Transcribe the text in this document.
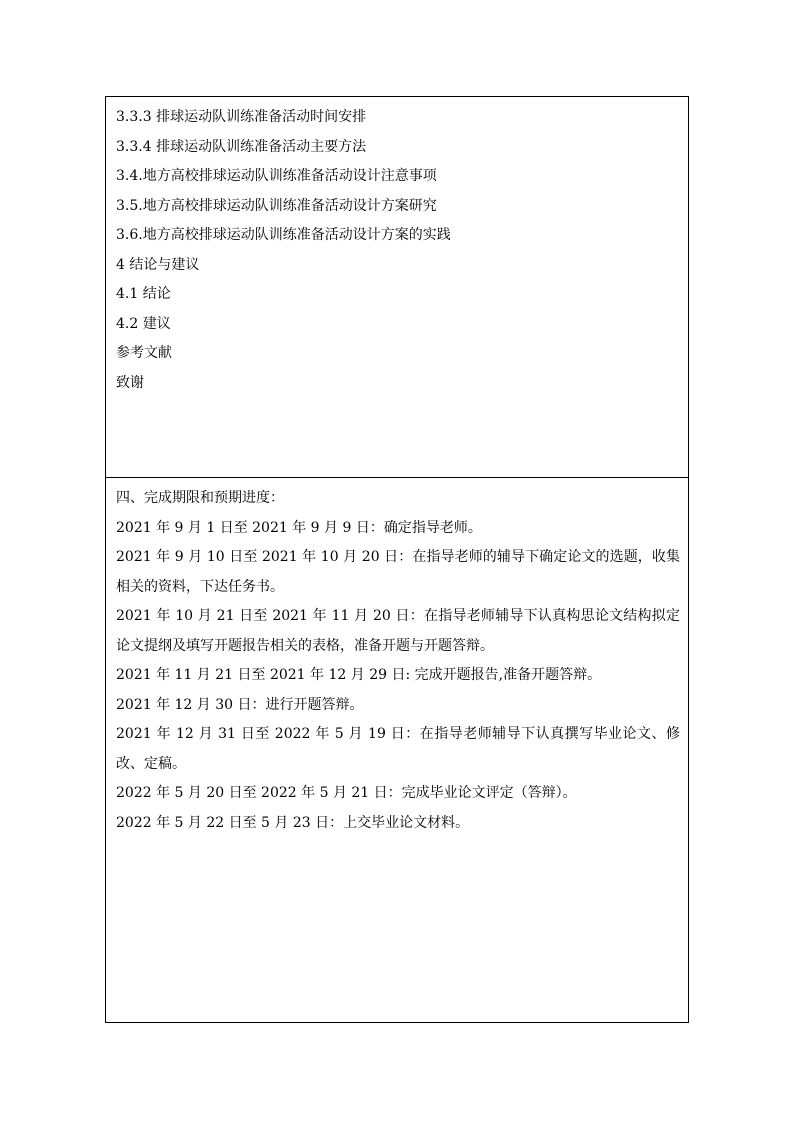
3.3.3 排球运动队训练准备活动时间安排
3.3.4 排球运动队训练准备活动主要方法
3.4.地方高校排球运动队训练准备活动设计注意事项
3.5.地方高校排球运动队训练准备活动设计方案研究
3.6.地方高校排球运动队训练准备活动设计方案的实践
4 结论与建议
4.1 结论
4.2 建议
参考文献
致谢
四、完成期限和预期进度：
2021 年 9 月 1 日至 2021 年 9 月 9 日：确定指导老师。
2021 年 9 月 10 日至 2021 年 10 月 20 日：在指导老师的辅导下确定论文的选题，收集相关的资料，下达任务书。
2021 年 10 月 21 日至 2021 年 11 月 20 日：在指导老师辅导下认真构思论文结构拟定论文提纲及填写开题报告相关的表格，准备开题与开题答辩。
2021 年 11 月 21 日至 2021 年 12 月 29 日: 完成开题报告,准备开题答辩。
2021 年 12 月 30 日：进行开题答辩。
2021 年 12 月 31 日至 2022 年 5 月 19 日：在指导老师辅导下认真撰写毕业论文、修改、定稿。
2022 年 5 月 20 日至 2022 年 5 月 21 日：完成毕业论文评定（答辩）。
2022 年 5 月 22 日至 5 月 23 日：上交毕业论文材料。
